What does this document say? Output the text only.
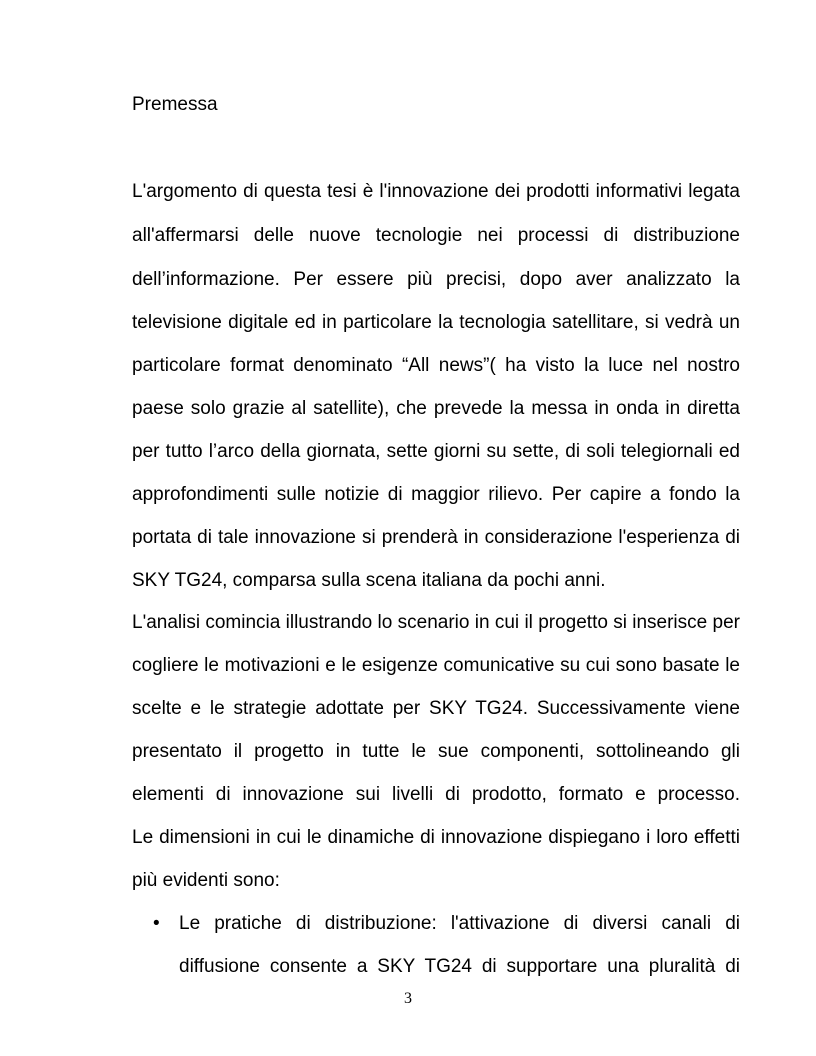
Premessa
L'argomento di questa tesi è l'innovazione dei prodotti informativi legata
all'affermarsi delle nuove tecnologie nei processi di distribuzione
dell’informazione. Per essere più precisi, dopo aver analizzato la
televisione digitale ed in particolare la tecnologia satellitare, si vedrà un
particolare format denominato “All news”( ha visto la luce nel nostro
paese solo grazie al satellite), che prevede la messa in onda in diretta
per tutto l’arco della giornata, sette giorni su sette, di soli telegiornali ed
approfondimenti sulle notizie di maggior rilievo. Per capire a fondo la
portata di tale innovazione si prenderà in considerazione l'esperienza di
SKY TG24, comparsa sulla scena italiana da pochi anni.
L'analisi comincia illustrando lo scenario in cui il progetto si inserisce per
cogliere le motivazioni e le esigenze comunicative su cui sono basate le
scelte e le strategie adottate per SKY TG24. Successivamente viene
presentato il progetto in tutte le sue componenti, sottolineando gli
elementi di innovazione sui livelli di prodotto, formato e processo.
Le dimensioni in cui le dinamiche di innovazione dispiegano i loro effetti
più evidenti sono:
• Le pratiche di distribuzione: l'attivazione di diversi canali di
diffusione consente a SKY TG24 di supportare una pluralità di
3
